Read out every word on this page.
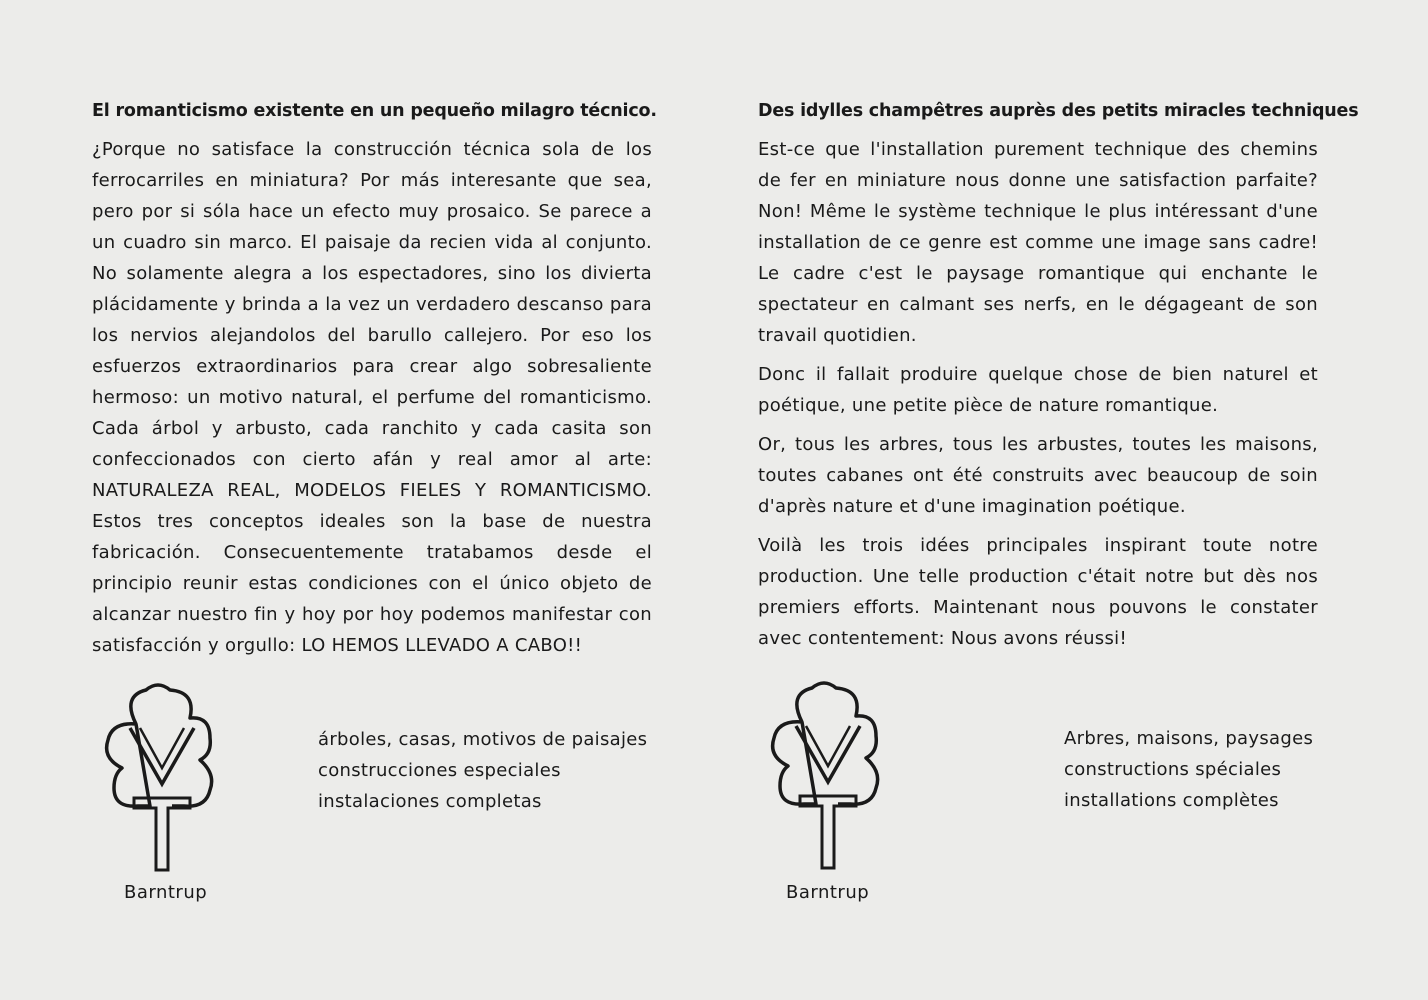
El romanticismo existente en un pequeño milagro técnico.

¿Porque no satisface la construcción técnica sola de los ferrocarriles en miniatura? Por más interesante que sea, pero por si sóla hace un efecto muy prosaico. Se parece a un cuadro sin marco. El paisaje da recien vida al conjunto. No solamente alegra a los espectadores, sino los divierta plácidamente y brinda a la vez un verdadero descanso para los nervios alejandolos del barullo callejero. Por eso los esfuerzos extraordinarios para crear algo sobresaliente hermoso: un motivo natural, el perfume del romanticismo. Cada árbol y arbusto, cada ranchito y cada casita son confeccionados con cierto afán y real amor al arte: NATURALEZA REAL, MODELOS FIELES Y ROMANTICISMO. Estos tres conceptos ideales son la base de nuestra fabricación. Consecuentemente tratabamos desde el principio reunir estas condiciones con el único objeto de alcanzar nuestro fin y hoy por hoy podemos manifestar con satisfacción y orgullo: LO HEMOS LLEVADO A CABO!!

Des idylles champêtres auprès des petits miracles techniques

Est-ce que l'installation purement technique des chemins de fer en miniature nous donne une satisfaction parfaite? Non! Même le système technique le plus intéressant d'une installation de ce genre est comme une image sans cadre! Le cadre c'est le paysage romantique qui enchante le spectateur en calmant ses nerfs, en le dégageant de son travail quotidien.

Donc il fallait produire quelque chose de bien naturel et poétique, une petite pièce de nature romantique.

Or, tous les arbres, tous les arbustes, toutes les maisons, toutes cabanes ont été construits avec beaucoup de soin d'après nature et d'une imagination poétique.

Voilà les trois idées principales inspirant toute notre production. Une telle production c'était notre but dès nos premiers efforts. Maintenant nous pouvons le constater avec contentement: Nous avons réussi!

Barntrup
árboles, casas, motivos de paisajes
construcciones especiales
instalaciones completas
Barntrup
Arbres, maisons, paysages
constructions spéciales
installations complètes
